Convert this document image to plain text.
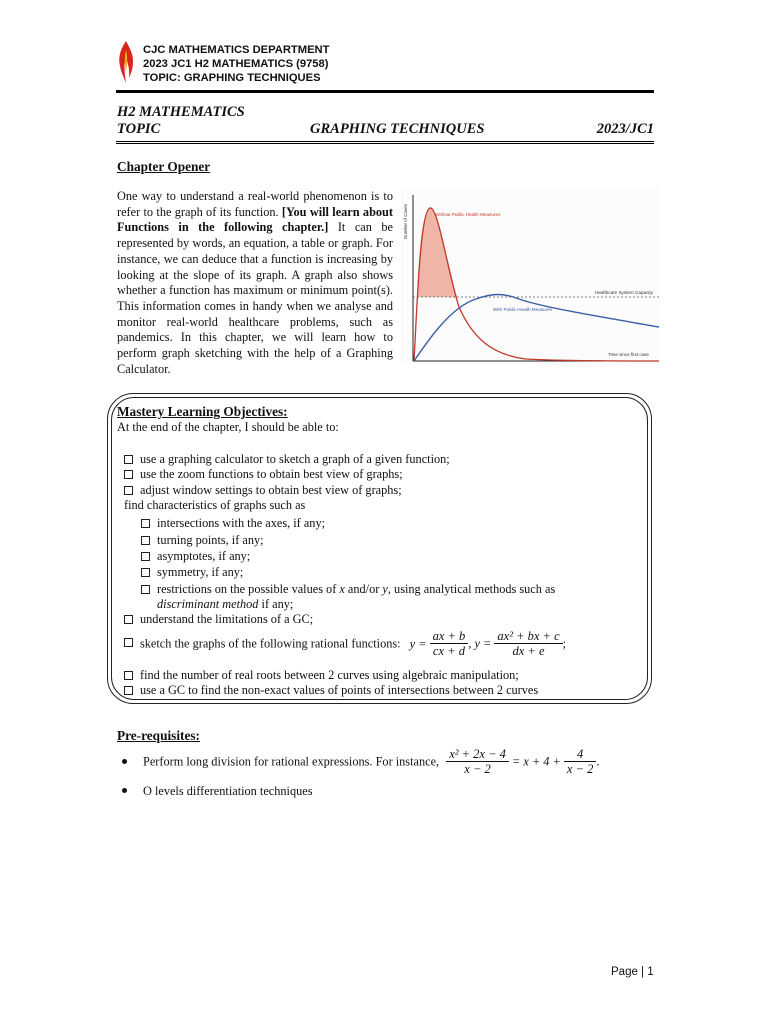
CJC MATHEMATICS DEPARTMENT
2023 JC1 H2 MATHEMATICS (9758)
TOPIC: GRAPHING TECHNIQUES
H2 MATHEMATICS
TOPIC	GRAPHING TECHNIQUES	2023/JC1
Chapter Opener
One way to understand a real-world phenomenon is to refer to the graph of its function. [You will learn about Functions in the following chapter.] It can be represented by words, an equation, a table or graph. For instance, we can deduce that a function is increasing by looking at the slope of its graph. A graph also shows whether a function has maximum or minimum point(s). This information comes in handy when we analyse and monitor real-world healthcare problems, such as pandemics. In this chapter, we will learn how to perform graph sketching with the help of a Graphing Calculator.
Number of Cases
Time since first case
Without Public Health Measures
With Public Health Measures
Healthcare System Capacity
Mastery Learning Objectives:
At the end of the chapter, I should be able to:
use a graphing calculator to sketch a graph of a given function;
use the zoom functions to obtain best view of graphs;
adjust window settings to obtain best view of graphs;
find characteristics of graphs such as
intersections with the axes, if any;
turning points, if any;
asymptotes, if any;
symmetry, if any;
restrictions on the possible values of x and/or y, using analytical methods such as
discriminant method if any;
understand the limitations of a GC;
sketch the graphs of the following rational functions: $y = \frac{ax + b}{cx + d}$ , $y = \frac{\text{ax² + bx + c}}{dx + e}$ ;
find the number of real roots between 2 curves using algebraic manipulation;
use a GC to find the non-exact values of points of intersections between 2 curves
Pre-requisites:
Perform long division for rational expressions. For instance, $\frac{\text{x² + 2x − 4}}{x - 2} = x + 4 + \frac{4}{x - 2}$ .
O levels differentiation techniques
Page | 1
